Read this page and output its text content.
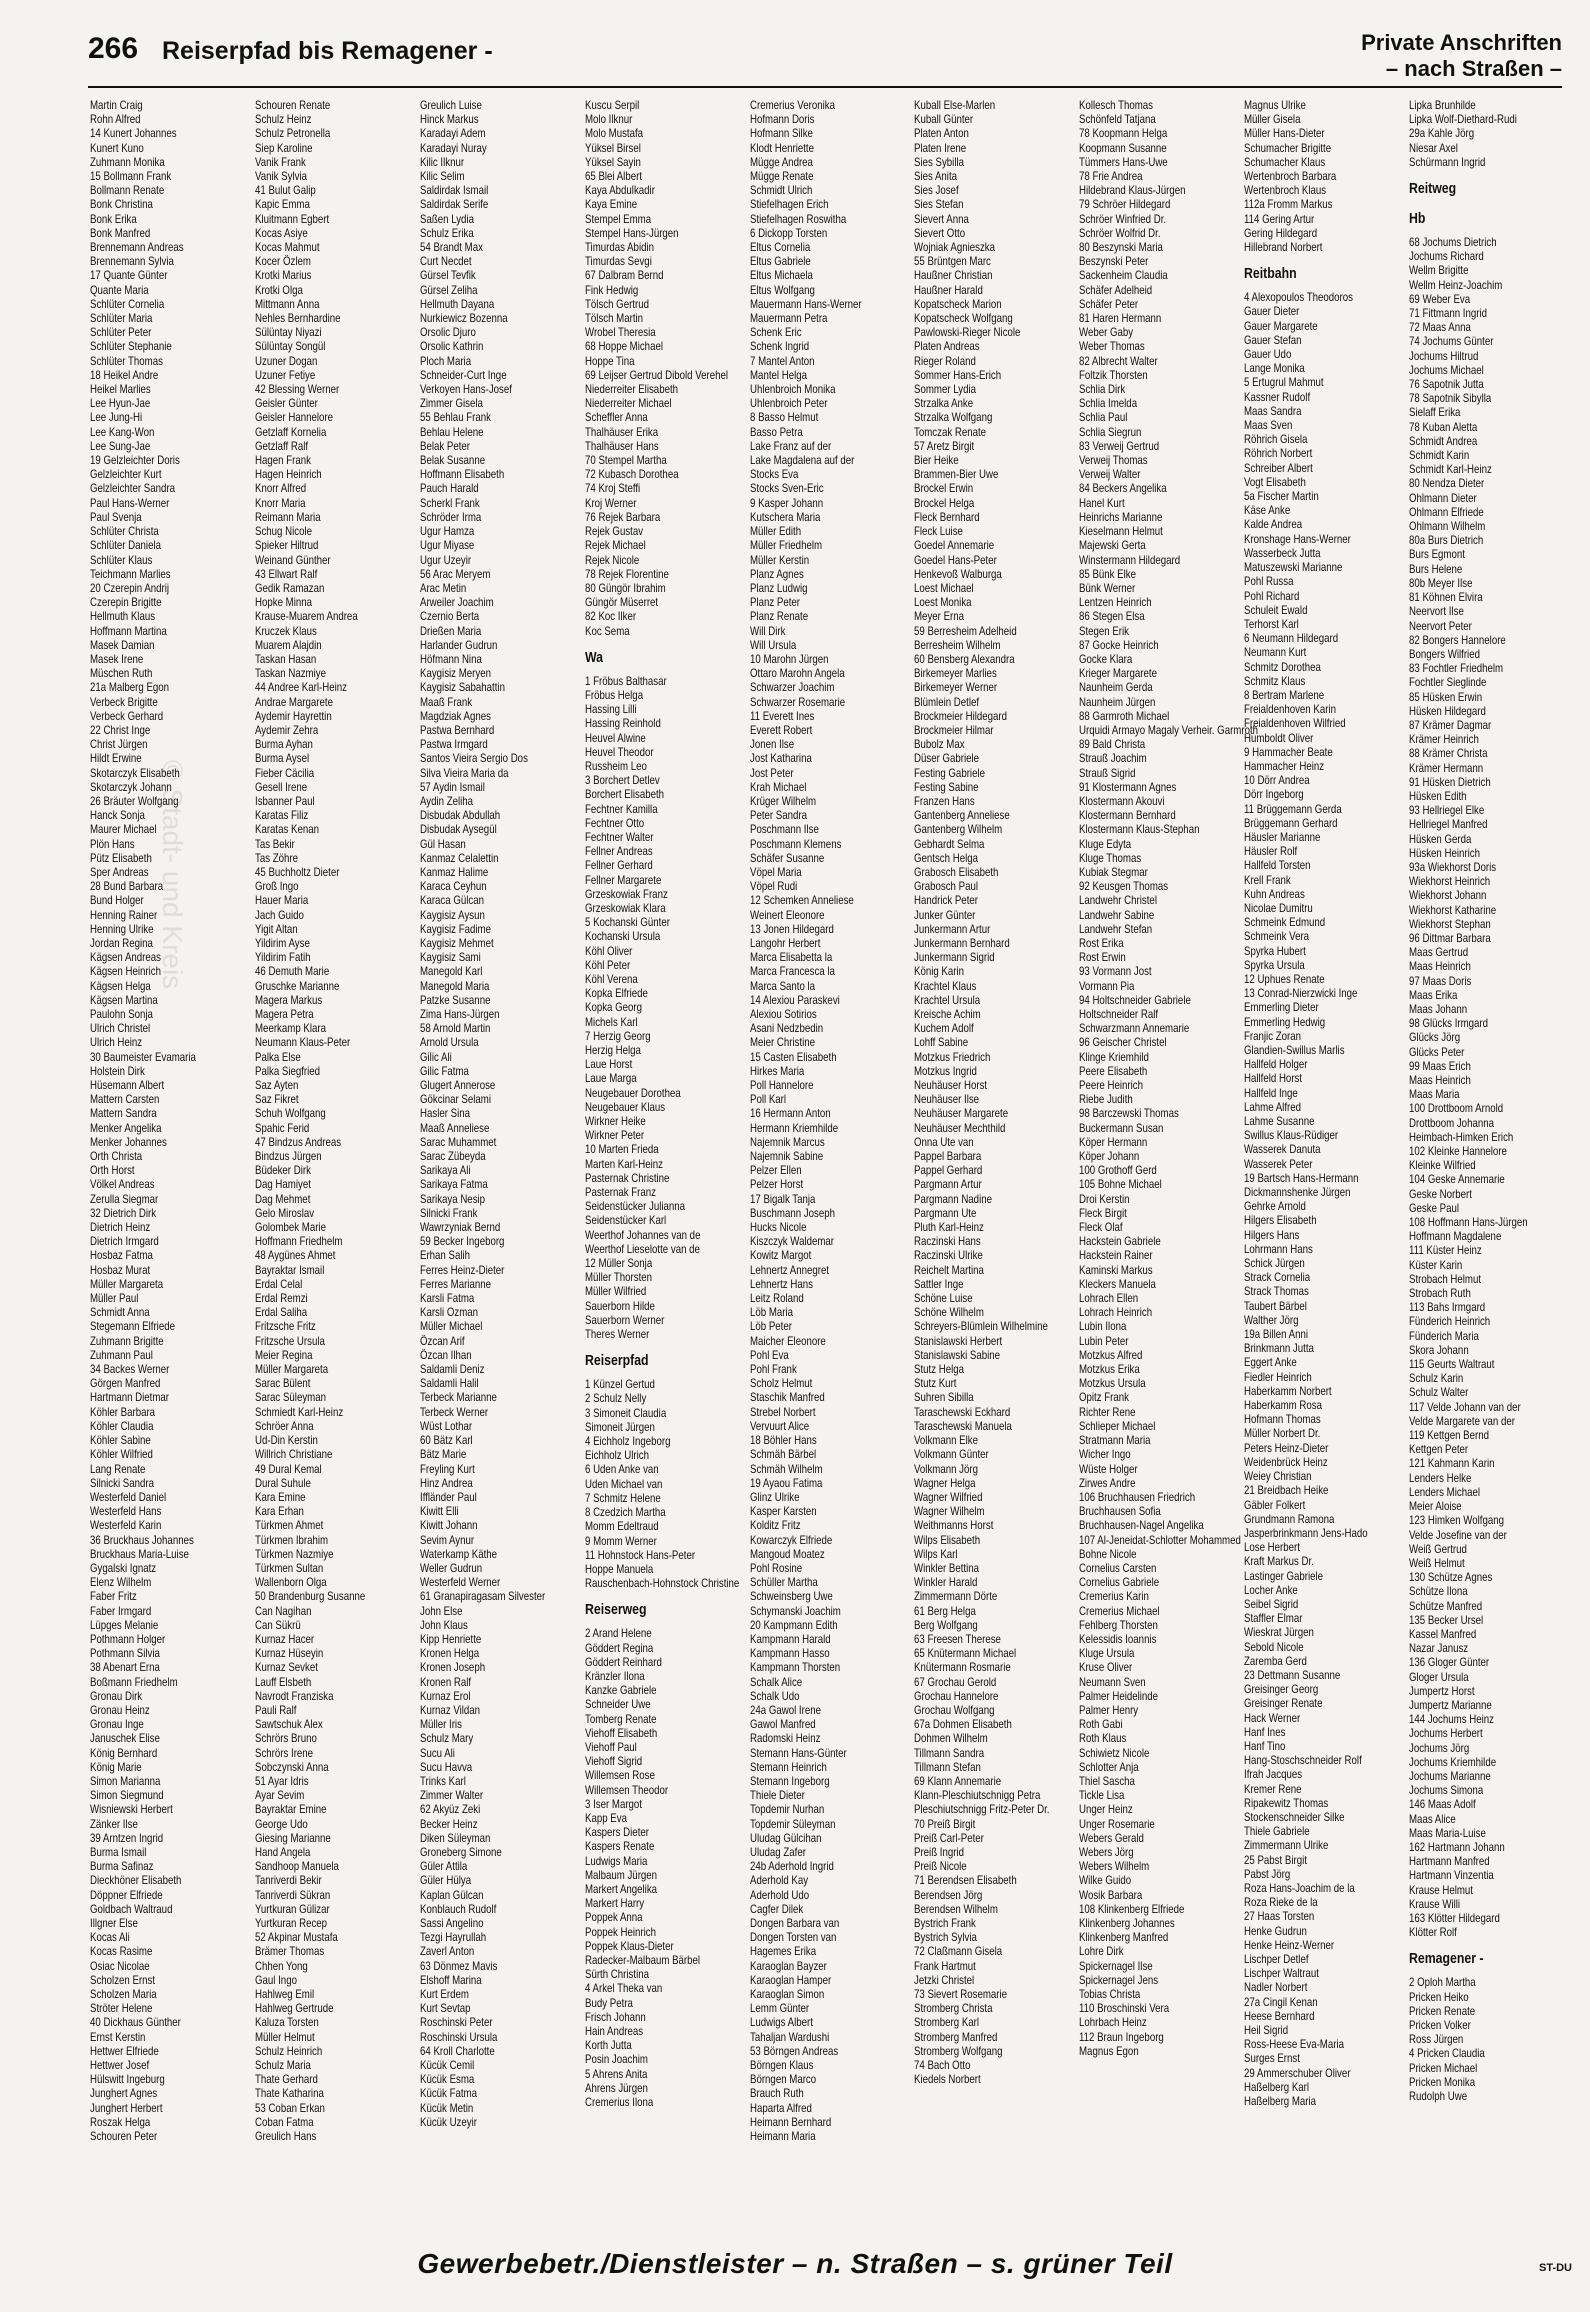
266 Reiserpfad bis Remagener -	Private Anschriften
– nach Straßen –
© Stadt- und Kreis
Martin Craig
Rohn Alfred
14 Kunert Johannes
Kunert Kuno
Zuhmann Monika
15 Bollmann Frank
Bollmann Renate
Bonk Christina
Bonk Erika
Bonk Manfred
Brennemann Andreas
Brennemann Sylvia
17 Quante Günter
Quante Maria
Schlüter Cornelia
Schlüter Maria
Schlüter Peter
Schlüter Stephanie
Schlüter Thomas
18 Heikel Andre
Heikel Marlies
Lee Hyun-Jae
Lee Jung-Hi
Lee Kang-Won
Lee Sung-Jae
19 Gelzleichter Doris
Gelzleichter Kurt
Gelzleichter Sandra
Paul Hans-Werner
Paul Svenja
Schlüter Christa
Schlüter Daniela
Schlüter Klaus
Teichmann Marlies
20 Czerepin Andrij
Czerepin Brigitte
Hellmuth Klaus
Hoffmann Martina
Masek Damian
Masek Irene
Müschen Ruth
21a Malberg Egon
Verbeck Brigitte
Verbeck Gerhard
22 Christ Inge
Christ Jürgen
Hildt Erwine
Skotarczyk Elisabeth
Skotarczyk Johann
26 Bräuter Wolfgang
Hanck Sonja
Maurer Michael
Plön Hans
Pütz Elisabeth
Sper Andreas
28 Bund Barbara
Bund Holger
Henning Rainer
Henning Ulrike
Jordan Regina
Kägsen Andreas
Kägsen Heinrich
Kägsen Helga
Kägsen Martina
Paulohn Sonja
Ulrich Christel
Ulrich Heinz
30 Baumeister Evamaria
Holstein Dirk
Hüsemann Albert
Mattern Carsten
Mattern Sandra
Menker Angelika
Menker Johannes
Orth Christa
Orth Horst
Völkel Andreas
Zerulla Siegmar
32 Dietrich Dirk
Dietrich Heinz
Dietrich Irmgard
Hosbaz Fatma
Hosbaz Murat
Müller Margareta
Müller Paul
Schmidt Anna
Stegemann Elfriede
Zuhmann Brigitte
Zuhmann Paul
34 Backes Werner
Görgen Manfred
Hartmann Dietmar
Köhler Barbara
Köhler Claudia
Köhler Sabine
Köhler Wilfried
Lang Renate
Silnicki Sandra
Westerfeld Daniel
Westerfeld Hans
Westerfeld Karin
36 Bruckhaus Johannes
Bruckhaus Maria-Luise
Gygalski Ignatz
Elenz Wilhelm
Faber Fritz
Faber Irmgard
Lüpges Melanie
Pothmann Holger
Pothmann Silvia
38 Abenart Erna
Boßmann Friedhelm
Gronau Dirk
Gronau Heinz
Gronau Inge
Januschek Elise
König Bernhard
König Marie
Simon Marianna
Simon Siegmund
Wisniewski Herbert
Zänker Ilse
39 Arntzen Ingrid
Burma Ismail
Burma Safinaz
Dieckhöner Elisabeth
Döppner Elfriede
Goldbach Waltraud
Illgner Else
Kocas Ali
Kocas Rasime
Osiac Nicolae
Scholzen Ernst
Scholzen Maria
Ströter Helene
40 Dickhaus Günther
Ernst Kerstin
Hettwer Elfriede
Hettwer Josef
Hülswitt Ingeburg
Junghert Agnes
Junghert Herbert
Roszak Helga
Schouren Peter
Schouren Renate
Schulz Heinz
Schulz Petronella
Siep Karoline
Vanik Frank
Vanik Sylvia
41 Bulut Galip
Kapic Emma
Kluitmann Egbert
Kocas Asiye
Kocas Mahmut
Kocer Özlem
Krotki Marius
Krotki Olga
Mittmann Anna
Nehles Bernhardine
Sülüntay Niyazi
Sülüntay Songül
Uzuner Dogan
Uzuner Fetiye
42 Blessing Werner
Geisler Günter
Geisler Hannelore
Getzlaff Kornelia
Getzlaff Ralf
Hagen Frank
Hagen Heinrich
Knorr Alfred
Knorr Maria
Reimann Maria
Schug Nicole
Spieker Hiltrud
Weinand Günther
43 Ellwart Ralf
Gedik Ramazan
Hopke Minna
Krause-Muarem Andrea
Kruczek Klaus
Muarem Alajdin
Taskan Hasan
Taskan Nazmiye
44 Andree Karl-Heinz
Andrae Margarete
Aydemir Hayrettin
Aydemir Zehra
Burma Ayhan
Burma Aysel
Fieber Cäcilia
Gesell Irene
Isbanner Paul
Karatas Filiz
Karatas Kenan
Tas Bekir
Tas Zöhre
45 Buchholtz Dieter
Groß Ingo
Hauer Maria
Jach Guido
Yigit Altan
Yildirim Ayse
Yildirim Fatih
46 Demuth Marie
Gruschke Marianne
Magera Markus
Magera Petra
Meerkamp Klara
Neumann Klaus-Peter
Palka Else
Palka Siegfried
Saz Ayten
Saz Fikret
Schuh Wolfgang
Spahic Ferid
47 Bindzus Andreas
Bindzus Jürgen
Büdeker Dirk
Dag Hamiyet
Dag Mehmet
Gelo Miroslav
Golombek Marie
Hoffmann Friedhelm
48 Aygünes Ahmet
Bayraktar Ismail
Erdal Celal
Erdal Remzi
Erdal Saliha
Fritzsche Fritz
Fritzsche Ursula
Meier Regina
Müller Margareta
Sarac Bülent
Sarac Süleyman
Schmiedt Karl-Heinz
Schröer Anna
Ud-Din Kerstin
Willrich Christiane
49 Dural Kemal
Dural Suhule
Kara Emine
Kara Erhan
Türkmen Ahmet
Türkmen Ibrahim
Türkmen Nazmiye
Türkmen Sultan
Wallenborn Olga
50 Brandenburg Susanne
Can Nagihan
Can Sükrü
Kurnaz Hacer
Kurnaz Hüseyin
Kurnaz Sevket
Lauff Elsbeth
Navrodt Franziska
Pauli Ralf
Sawtschuk Alex
Schrörs Bruno
Schrörs Irene
Sobczynski Anna
51 Ayar Idris
Ayar Sevim
Bayraktar Emine
George Udo
Giesing Marianne
Hand Angela
Sandhoop Manuela
Tanriverdi Bekir
Tanriverdi Sükran
Yurtkuran Gülizar
Yurtkuran Recep
52 Akpinar Mustafa
Brämer Thomas
Chhen Yong
Gaul Ingo
Hahlweg Emil
Hahlweg Gertrude
Kaluza Torsten
Müller Helmut
Schulz Heinrich
Schulz Maria
Thate Gerhard
Thate Katharina
53 Coban Erkan
Coban Fatma
Greulich Hans
Greulich Luise
Hinck Markus
Karadayi Adem
Karadayi Nuray
Kilic Ilknur
Kilic Selim
Saldirdak Ismail
Saldirdak Serife
Saßen Lydia
Schulz Erika
54 Brandt Max
Curt Necdet
Gürsel Tevfik
Gürsel Zeliha
Hellmuth Dayana
Nurkiewicz Bozenna
Orsolic Djuro
Orsolic Kathrin
Ploch Maria
Schneider-Curt Inge
Verkoyen Hans-Josef
Zimmer Gisela
55 Behlau Frank
Behlau Helene
Belak Peter
Belak Susanne
Hoffmann Elisabeth
Pauch Harald
Scherkl Frank
Schröder Irma
Ugur Hamza
Ugur Miyase
Ugur Uzeyir
56 Arac Meryem
Arac Metin
Arweiler Joachim
Czernio Berta
Drießen Maria
Harlander Gudrun
Höfmann Nina
Kaygisiz Meryen
Kaygisiz Sabahattin
Maaß Frank
Magdziak Agnes
Pastwa Bernhard
Pastwa Irmgard
Santos Vieira Sergio Dos
Silva Vieira Maria da
57 Aydin Ismail
Aydin Zeliha
Disbudak Abdullah
Disbudak Aysegül
Gül Hasan
Kanmaz Celalettin
Kanmaz Halime
Karaca Ceyhun
Karaca Gülcan
Kaygisiz Aysun
Kaygisiz Fadime
Kaygisiz Mehmet
Kaygisiz Sami
Manegold Karl
Manegold Maria
Patzke Susanne
Zima Hans-Jürgen
58 Arnold Martin
Arnold Ursula
Gilic Ali
Gilic Fatma
Glugert Annerose
Gökcinar Selami
Hasler Sina
Maaß Anneliese
Sarac Muhammet
Sarac Zübeyda
Sarikaya Ali
Sarikaya Fatma
Sarikaya Nesip
Silnicki Frank
Wawrzyniak Bernd
59 Becker Ingeborg
Erhan Salih
Ferres Heinz-Dieter
Ferres Marianne
Karsli Fatma
Karsli Ozman
Müller Michael
Özcan Arif
Özcan Ilhan
Saldamli Deniz
Saldamli Halil
Terbeck Marianne
Terbeck Werner
Wüst Lothar
60 Bätz Karl
Bätz Marie
Freyling Kurt
Hinz Andrea
Iffländer Paul
Kiwitt Elli
Kiwitt Johann
Sevim Aynur
Waterkamp Käthe
Weller Gudrun
Westerfeld Werner
61 Granapiragasam Silvester
John Else
John Klaus
Kipp Henriette
Kronen Helga
Kronen Joseph
Kronen Ralf
Kurnaz Erol
Kurnaz Vildan
Müller Iris
Schulz Mary
Sucu Ali
Sucu Havva
Trinks Karl
Zimmer Walter
62 Akyüz Zeki
Becker Heinz
Diken Süleyman
Groneberg Simone
Güler Attila
Güler Hülya
Kaplan Gülcan
Konblauch Rudolf
Sassi Angelino
Tezgi Hayrullah
Zaverl Anton
63 Dönmez Mavis
Elshoff Marina
Kurt Erdem
Kurt Sevtap
Roschinski Peter
Roschinski Ursula
64 Kroll Charlotte
Kücük Cemil
Kücük Esma
Kücük Fatma
Kücük Metin
Kücük Uzeyir
Kuscu Serpil
Molo Ilknur
Molo Mustafa
Yüksel Birsel
Yüksel Sayin
65 Blei Albert
Kaya Abdulkadir
Kaya Emine
Stempel Emma
Stempel Hans-Jürgen
Timurdas Abidin
Timurdas Sevgi
67 Dalbram Bernd
Fink Hedwig
Tölsch Gertrud
Tölsch Martin
Wrobel Theresia
68 Hoppe Michael
Hoppe Tina
69 Leijser Gertrud Dibold Verehel
Niederreiter Elisabeth
Niederreiter Michael
Scheffler Anna
Thalhäuser Erika
Thalhäuser Hans
70 Stempel Martha
72 Kubasch Dorothea
74 Kroj Steffi
Kroj Werner
76 Rejek Barbara
Rejek Gustav
Rejek Michael
Rejek Nicole
78 Rejek Florentine
80 Güngör Ibrahim
Güngör Müserret
82 Koc Ilker
Koc Sema
Wa
1 Fröbus Balthasar
Fröbus Helga
Hassing Lilli
Hassing Reinhold
Heuvel Alwine
Heuvel Theodor
Russheim Leo
3 Borchert Detlev
Borchert Elisabeth
Fechtner Kamilla
Fechtner Otto
Fechtner Walter
Fellner Andreas
Fellner Gerhard
Fellner Margarete
Grzeskowiak Franz
Grzeskowiak Klara
5 Kochanski Günter
Kochanski Ursula
Köhl Oliver
Köhl Peter
Köhl Verena
Kopka Elfriede
Kopka Georg
Michels Karl
7 Herzig Georg
Herzig Helga
Laue Horst
Laue Marga
Neugebauer Dorothea
Neugebauer Klaus
Wirkner Heike
Wirkner Peter
10 Marten Frieda
Marten Karl-Heinz
Pasternak Christine
Pasternak Franz
Seidenstücker Julianna
Seidenstücker Karl
Weerthof Johannes van de
Weerthof Lieselotte van de
12 Müller Sonja
Müller Thorsten
Müller Wilfried
Sauerborn Hilde
Sauerborn Werner
Theres Werner
Reiserpfad
1 Künzel Gertud
2 Schulz Nelly
3 Simoneit Claudia
Simoneit Jürgen
4 Eichholz Ingeborg
Eichholz Ulrich
6 Uden Anke van
Uden Michael van
7 Schmitz Helene
8 Czedzich Martha
Momm Edeltraud
9 Momm Werner
11 Hohnstock Hans-Peter
Hoppe Manuela
Rauschenbach-Hohnstock Christine
Reiserweg
2 Arand Helene
Göddert Regina
Göddert Reinhard
Kränzler Ilona
Kanzke Gabriele
Schneider Uwe
Tomberg Renate
Viehoff Elisabeth
Viehoff Paul
Viehoff Sigrid
Willemsen Rose
Willemsen Theodor
3 Iser Margot
Kapp Eva
Kaspers Dieter
Kaspers Renate
Ludwigs Maria
Malbaum Jürgen
Markert Angelika
Markert Harry
Poppek Anna
Poppek Heinrich
Poppek Klaus-Dieter
Radecker-Malbaum Bärbel
Sürth Christina
4 Arkel Theka van
Budy Petra
Frisch Johann
Hain Andreas
Korth Jutta
Posin Joachim
5 Ahrens Anita
Ahrens Jürgen
Cremerius Ilona
Cremerius Veronika
Hofmann Doris
Hofmann Silke
Klodt Henriette
Mügge Andrea
Mügge Renate
Schmidt Ulrich
Stiefelhagen Erich
Stiefelhagen Roswitha
6 Dickopp Torsten
Eltus Cornelia
Eltus Gabriele
Eltus Michaela
Eltus Wolfgang
Mauermann Hans-Werner
Mauermann Petra
Schenk Eric
Schenk Ingrid
7 Mantel Anton
Mantel Helga
Uhlenbroich Monika
Uhlenbroich Peter
8 Basso Helmut
Basso Petra
Lake Franz auf der
Lake Magdalena auf der
Stocks Eva
Stocks Sven-Eric
9 Kasper Johann
Kutschera Maria
Müller Edith
Müller Friedhelm
Müller Kerstin
Planz Agnes
Planz Ludwig
Planz Peter
Planz Renate
Will Dirk
Will Ursula
10 Marohn Jürgen
Ottaro Marohn Angela
Schwarzer Joachim
Schwarzer Rosemarie
11 Everett Ines
Everett Robert
Jonen Ilse
Jost Katharina
Jost Peter
Krah Michael
Krüger Wilhelm
Peter Sandra
Poschmann Ilse
Poschmann Klemens
Schäfer Susanne
Vöpel Maria
Vöpel Rudi
12 Schemken Anneliese
Weinert Eleonore
13 Jonen Hildegard
Langohr Herbert
Marca Elisabetta la
Marca Francesca la
Marca Santo la
14 Alexiou Paraskevi
Alexiou Sotirios
Asani Nedzbedin
Meier Christine
15 Casten Elisabeth
Hirkes Maria
Poll Hannelore
Poll Karl
16 Hermann Anton
Hermann Kriemhilde
Najemnik Marcus
Najemnik Sabine
Pelzer Ellen
Pelzer Horst
17 Bigalk Tanja
Buschmann Joseph
Hucks Nicole
Kiszczyk Waldemar
Kowitz Margot
Lehnertz Annegret
Lehnertz Hans
Leitz Roland
Löb Maria
Löb Peter
Maicher Eleonore
Pohl Eva
Pohl Frank
Scholz Helmut
Staschik Manfred
Strebel Norbert
Vervuurt Alice
18 Böhler Hans
Schmäh Bärbel
Schmäh Wilhelm
19 Ayaou Fatima
Glinz Ulrike
Kasper Karsten
Kolditz Fritz
Kowarczyk Elfriede
Mangoud Moatez
Pohl Rosine
Schüller Martha
Schweinsberg Uwe
Schymanski Joachim
20 Kampmann Edith
Kampmann Harald
Kampmann Hasso
Kampmann Thorsten
Schalk Alice
Schalk Udo
24a Gawol Irene
Gawol Manfred
Radomski Heinz
Stemann Hans-Günter
Stemann Heinrich
Stemann Ingeborg
Thiele Dieter
Topdemir Nurhan
Topdemir Süleyman
Uludag Gülcihan
Uludag Zafer
24b Aderhold Ingrid
Aderhold Kay
Aderhold Udo
Cagfer Dilek
Dongen Barbara van
Dongen Torsten van
Hagemes Erika
Karaoglan Bayzer
Karaoglan Hamper
Karaoglan Simon
Lemm Günter
Ludwigs Albert
Tahaljan Wardushi
53 Börngen Andreas
Börngen Klaus
Börngen Marco
Brauch Ruth
Haparta Alfred
Heimann Bernhard
Heimann Maria
Kuball Else-Marlen
Kuball Günter
Platen Anton
Platen Irene
Sies Sybilla
Sies Anita
Sies Josef
Sies Stefan
Sievert Anna
Sievert Otto
Wojniak Agnieszka
55 Brüntgen Marc
Haußner Christian
Haußner Harald
Kopatscheck Marion
Kopatscheck Wolfgang
Pawlowski-Rieger Nicole
Platen Andreas
Rieger Roland
Sommer Hans-Erich
Sommer Lydia
Strzalka Anke
Strzalka Wolfgang
Tomczak Renate
57 Aretz Birgit
Bier Heike
Brammen-Bier Uwe
Brockel Erwin
Brockel Helga
Fleck Bernhard
Fleck Luise
Goedel Annemarie
Goedel Hans-Peter
Henkevoß Walburga
Loest Michael
Loest Monika
Meyer Erna
59 Berresheim Adelheid
Berresheim Wilhelm
60 Bensberg Alexandra
Birkemeyer Marlies
Birkemeyer Werner
Blümlein Detlef
Brockmeier Hildegard
Brockmeier Hilmar
Bubolz Max
Düser Gabriele
Festing Gabriele
Festing Sabine
Franzen Hans
Gantenberg Anneliese
Gantenberg Wilhelm
Gebhardt Selma
Gentsch Helga
Grabosch Elisabeth
Grabosch Paul
Handrick Peter
Junker Günter
Junkermann Artur
Junkermann Bernhard
Junkermann Sigrid
König Karin
Krachtel Klaus
Krachtel Ursula
Kreische Achim
Kuchem Adolf
Lohff Sabine
Motzkus Friedrich
Motzkus Ingrid
Neuhäuser Horst
Neuhäuser Ilse
Neuhäuser Margarete
Neuhäuser Mechthild
Onna Ute van
Pappel Barbara
Pappel Gerhard
Pargmann Artur
Pargmann Nadine
Pargmann Ute
Pluth Karl-Heinz
Raczinski Hans
Raczinski Ulrike
Reichelt Martina
Sattler Inge
Schöne Luise
Schöne Wilhelm
Schreyers-Blümlein Wilhelmine
Stanislawski Herbert
Stanislawski Sabine
Stutz Helga
Stutz Kurt
Suhren Sibilla
Taraschewski Eckhard
Taraschewski Manuela
Volkmann Elke
Volkmann Günter
Volkmann Jörg
Wagner Helga
Wagner Wilfried
Wagner Wilhelm
Weithmanns Horst
Wilps Elisabeth
Wilps Karl
Winkler Bettina
Winkler Harald
Zimmermann Dörte
61 Berg Helga
Berg Wolfgang
63 Freesen Therese
65 Knütermann Michael
Knütermann Rosmarie
67 Grochau Gerold
Grochau Hannelore
Grochau Wolfgang
67a Dohmen Elisabeth
Dohmen Wilhelm
Tillmann Sandra
Tillmann Stefan
69 Klann Annemarie
Klann-Pleschiutschnigg Petra
Pleschiutschnigg Fritz-Peter Dr.
70 Preiß Birgit
Preiß Carl-Peter
Preiß Ingrid
Preiß Nicole
71 Berendsen Elisabeth
Berendsen Jörg
Berendsen Wilhelm
Bystrich Frank
Bystrich Sylvia
72 Claßmann Gisela
Frank Hartmut
Jetzki Christel
73 Sievert Rosemarie
Stromberg Christa
Stromberg Karl
Stromberg Manfred
Stromberg Wolfgang
74 Bach Otto
Kiedels Norbert
Kollesch Thomas
Schönfeld Tatjana
78 Koopmann Helga
Koopmann Susanne
Tümmers Hans-Uwe
78 Frie Andrea
Hildebrand Klaus-Jürgen
79 Schröer Hildegard
Schröer Winfried Dr.
Schröer Wolfrid Dr.
80 Beszynski Maria
Beszynski Peter
Sackenheim Claudia
Schäfer Adelheid
Schäfer Peter
81 Haren Hermann
Weber Gaby
Weber Thomas
82 Albrecht Walter
Foltzik Thorsten
Schlia Dirk
Schlia Imelda
Schlia Paul
Schlia Siegrun
83 Verweij Gertrud
Verweij Thomas
Verweij Walter
84 Beckers Angelika
Hanel Kurt
Heinrichs Marianne
Kieselmann Helmut
Majewski Gerta
Winstermann Hildegard
85 Bünk Elke
Bünk Werner
Lentzen Heinrich
86 Stegen Elsa
Stegen Erik
87 Gocke Heinrich
Gocke Klara
Krieger Margarete
Naunheim Gerda
Naunheim Jürgen
88 Garmroth Michael
Urquidi Armayo Magaly Verheir. Garmroth
89 Bald Christa
Strauß Joachim
Strauß Sigrid
91 Klostermann Agnes
Klostermann Akouvi
Klostermann Bernhard
Klostermann Klaus-Stephan
Kluge Edyta
Kluge Thomas
Kubiak Stegmar
92 Keusgen Thomas
Landwehr Christel
Landwehr Sabine
Landwehr Stefan
Rost Erika
Rost Erwin
93 Vormann Jost
Vormann Pia
94 Holtschneider Gabriele
Holtschneider Ralf
Schwarzmann Annemarie
96 Geischer Christel
Klinge Kriemhild
Peere Elisabeth
Peere Heinrich
Riebe Judith
98 Barczewski Thomas
Buckermann Susan
Köper Hermann
Köper Johann
100 Grothoff Gerd
105 Bohne Michael
Droi Kerstin
Fleck Birgit
Fleck Olaf
Hackstein Gabriele
Hackstein Rainer
Kaminski Markus
Kleckers Manuela
Lohrach Ellen
Lohrach Heinrich
Lubin Ilona
Lubin Peter
Motzkus Alfred
Motzkus Erika
Motzkus Ursula
Opitz Frank
Richter Rene
Schlieper Michael
Stratmann Maria
Wicher Ingo
Wüste Holger
Zirwes Andre
106 Bruchhausen Friedrich
Bruchhausen Sofia
Bruchhausen-Nagel Angelika
107 Al-Jeneidat-Schlotter Mohammed
Bohne Nicole
Cornelius Carsten
Cornelius Gabriele
Cremerius Karin
Cremerius Michael
Fehlberg Thorsten
Kelessidis Ioannis
Kluge Ursula
Kruse Oliver
Neumann Sven
Palmer Heidelinde
Palmer Henry
Roth Gabi
Roth Klaus
Schiwietz Nicole
Schlotter Anja
Thiel Sascha
Tickle Lisa
Unger Heinz
Unger Rosemarie
Webers Gerald
Webers Jörg
Webers Wilhelm
Wilke Guido
Wosik Barbara
108 Klinkenberg Elfriede
Klinkenberg Johannes
Klinkenberg Manfred
Lohre Dirk
Spickernagel Ilse
Spickernagel Jens
Tobias Christa
110 Broschinski Vera
Lohrbach Heinz
112 Braun Ingeborg
Magnus Egon
Magnus Ulrike
Müller Gisela
Müller Hans-Dieter
Schumacher Brigitte
Schumacher Klaus
Wertenbroch Barbara
Wertenbroch Klaus
112a Fromm Markus
114 Gering Artur
Gering Hildegard
Hillebrand Norbert
Reitbahn
4 Alexopoulos Theodoros
Gauer Dieter
Gauer Margarete
Gauer Stefan
Gauer Udo
Lange Monika
5 Ertugrul Mahmut
Kassner Rudolf
Maas Sandra
Maas Sven
Röhrich Gisela
Röhrich Norbert
Schreiber Albert
Vogt Elisabeth
5a Fischer Martin
Käse Anke
Kalde Andrea
Kronshage Hans-Werner
Wasserbeck Jutta
Matuszewski Marianne
Pohl Russa
Pohl Richard
Schuleit Ewald
Terhorst Karl
6 Neumann Hildegard
Neumann Kurt
Schmitz Dorothea
Schmitz Klaus
8 Bertram Marlene
Freialdenhoven Karin
Freialdenhoven Wilfried
Humboldt Oliver
9 Hammacher Beate
Hammacher Heinz
10 Dörr Andrea
Dörr Ingeborg
11 Brüggemann Gerda
Brüggemann Gerhard
Häusler Marianne
Häusler Rolf
Hallfeld Torsten
Krell Frank
Kuhn Andreas
Nicolae Dumitru
Schmeink Edmund
Schmeink Vera
Spyrka Hubert
Spyrka Ursula
12 Uphues Renate
13 Conrad-Nierzwicki Inge
Emmerling Dieter
Emmerling Hedwig
Franjic Zoran
Glandien-Swillus Marlis
Hallfeld Holger
Hallfeld Horst
Hallfeld Inge
Lahme Alfred
Lahme Susanne
Swillus Klaus-Rüdiger
Wasserek Danuta
Wasserek Peter
19 Bartsch Hans-Hermann
Dickmannshenke Jürgen
Gehrke Arnold
Hilgers Elisabeth
Hilgers Hans
Lohrmann Hans
Schick Jürgen
Strack Cornelia
Strack Thomas
Taubert Bärbel
Walther Jörg
19a Billen Anni
Brinkmann Jutta
Eggert Anke
Fiedler Heinrich
Haberkamm Norbert
Haberkamm Rosa
Hofmann Thomas
Müller Norbert Dr.
Peters Heinz-Dieter
Weidenbrück Heinz
Weiey Christian
21 Breidbach Heike
Gäbler Folkert
Grundmann Ramona
Jasperbrinkmann Jens-Hado
Lose Herbert
Kraft Markus Dr.
Lastinger Gabriele
Locher Anke
Seibel Sigrid
Staffler Elmar
Wieskrat Jürgen
Sebold Nicole
Zaremba Gerd
23 Dettmann Susanne
Greisinger Georg
Greisinger Renate
Hack Werner
Hanf Ines
Hanf Tino
Hang-Stoschschneider Rolf
Ifrah Jacques
Kremer Rene
Ripakewitz Thomas
Stockenschneider Silke
Thiele Gabriele
Zimmermann Ulrike
25 Pabst Birgit
Pabst Jörg
Roza Hans-Joachim de la
Roza Rieke de la
27 Haas Torsten
Henke Gudrun
Henke Heinz-Werner
Lischper Detlef
Lischper Waltraut
Nadler Norbert
27a Cingil Kenan
Heese Bernhard
Heil Sigrid
Ross-Heese Eva-Maria
Surges Ernst
29 Ammerschuber Oliver
Haßelberg Karl
Haßelberg Maria
Lipka Brunhilde
Lipka Wolf-Diethard-Rudi
29a Kahle Jörg
Niesar Axel
Schürmann Ingrid
Reitweg
Hb
68 Jochums Dietrich
Jochums Richard
Wellm Brigitte
Wellm Heinz-Joachim
69 Weber Eva
71 Fittmann Ingrid
72 Maas Anna
74 Jochums Günter
Jochums Hiltrud
Jochums Michael
76 Sapotnik Jutta
78 Sapotnik Sibylla
Sielaff Erika
78 Kuban Aletta
Schmidt Andrea
Schmidt Karin
Schmidt Karl-Heinz
80 Nendza Dieter
Ohlmann Dieter
Ohlmann Elfriede
Ohlmann Wilhelm
80a Burs Dietrich
Burs Egmont
Burs Helene
80b Meyer Ilse
81 Köhnen Elvira
Neervort Ilse
Neervort Peter
82 Bongers Hannelore
Bongers Wilfried
83 Fochtler Friedhelm
Fochtler Sieglinde
85 Hüsken Erwin
Hüsken Hildegard
87 Krämer Dagmar
Krämer Heinrich
88 Krämer Christa
Krämer Hermann
91 Hüsken Dietrich
Hüsken Edith
93 Hellriegel Elke
Hellriegel Manfred
Hüsken Gerda
Hüsken Heinrich
93a Wiekhorst Doris
Wiekhorst Heinrich
Wiekhorst Johann
Wiekhorst Katharine
Wiekhorst Stephan
96 Dittmar Barbara
Maas Gertrud
Maas Heinrich
97 Maas Doris
Maas Erika
Maas Johann
98 Glücks Irmgard
Glücks Jörg
Glücks Peter
99 Maas Erich
Maas Heinrich
Maas Maria
100 Drottboom Arnold
Drottboom Johanna
Heimbach-Himken Erich
102 Kleinke Hannelore
Kleinke Wilfried
104 Geske Annemarie
Geske Norbert
Geske Paul
108 Hoffmann Hans-Jürgen
Hoffmann Magdalene
111 Küster Heinz
Küster Karin
Strobach Helmut
Strobach Ruth
113 Bahs Irmgard
Fünderich Heinrich
Fünderich Maria
Skora Johann
115 Geurts Waltraut
Schulz Karin
Schulz Walter
117 Velde Johann van der
Velde Margarete van der
119 Kettgen Bernd
Kettgen Peter
121 Kahmann Karin
Lenders Helke
Lenders Michael
Meier Aloise
123 Himken Wolfgang
Velde Josefine van der
Weiß Gertrud
Weiß Helmut
130 Schütze Agnes
Schütze Ilona
Schütze Manfred
135 Becker Ursel
Kassel Manfred
Nazar Janusz
136 Gloger Günter
Gloger Ursula
Jumpertz Horst
Jumpertz Marianne
144 Jochums Heinz
Jochums Herbert
Jochums Jörg
Jochums Kriemhilde
Jochums Marianne
Jochums Simona
146 Maas Adolf
Maas Alice
Maas Maria-Luise
162 Hartmann Johann
Hartmann Manfred
Hartmann Vinzentia
Krause Helmut
Krause Willi
163 Klötter Hildegard
Klötter Rolf
Remagener -
2 Oploh Martha
Pricken Heiko
Pricken Renate
Pricken Volker
Ross Jürgen
4 Pricken Claudia
Pricken Michael
Pricken Monika
Rudolph Uwe
Gewerbebetr./Dienstleister – n. Straßen – s. grüner Teil	ST-DU
